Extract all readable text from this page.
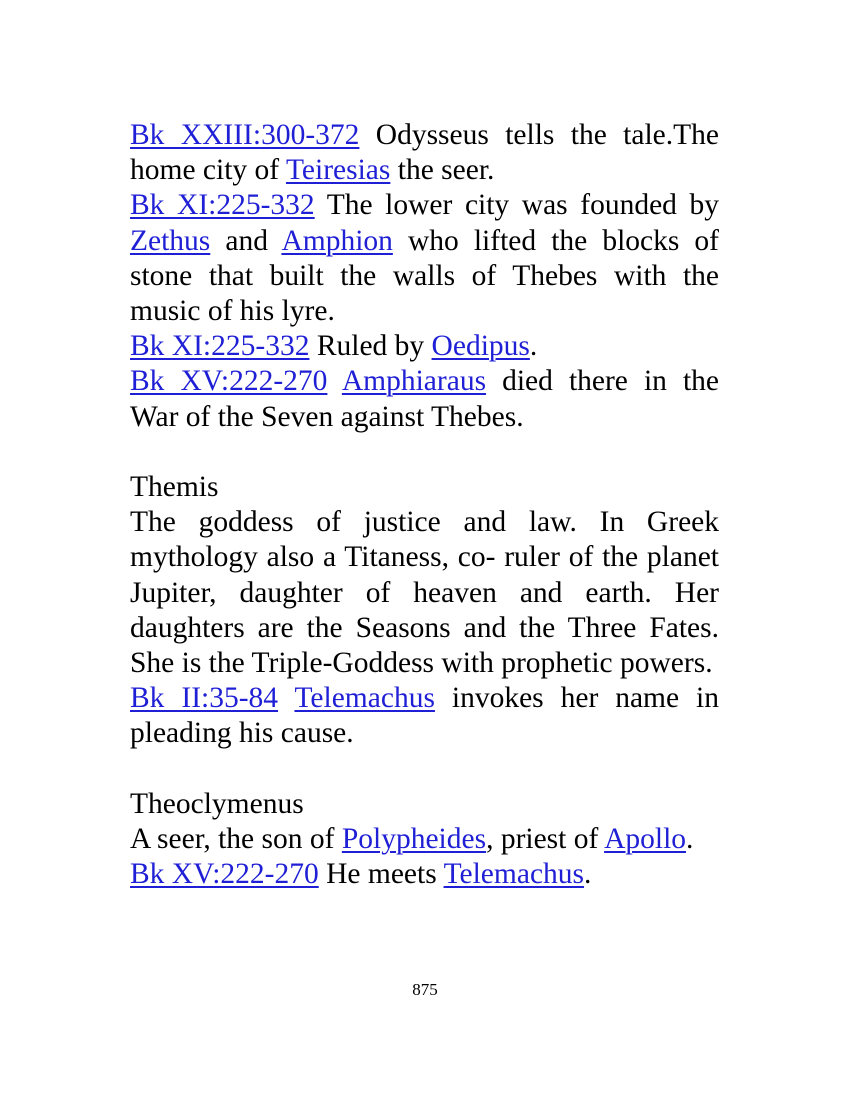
Bk XXIII:300-372 Odysseus tells the tale.The home city of Teiresias the seer.

Bk XI:225-332 The lower city was founded by Zethus and Amphion who lifted the blocks of stone that built the walls of Thebes with the music of his lyre.

Bk XI:225-332 Ruled by Oedipus.

Bk XV:222-270 Amphiaraus died there in the War of the Seven against Thebes.

Themis

The goddess of justice and law. In Greek mythology also a Titaness, co- ruler of the planet Jupiter, daughter of heaven and earth. Her daughters are the Seasons and the Three Fates. She is the Triple-Goddess with prophetic powers.

Bk II:35-84 Telemachus invokes her name in pleading his cause.

Theoclymenus

A seer, the son of Polypheides, priest of Apollo.

Bk XV:222-270 He meets Telemachus.

875
